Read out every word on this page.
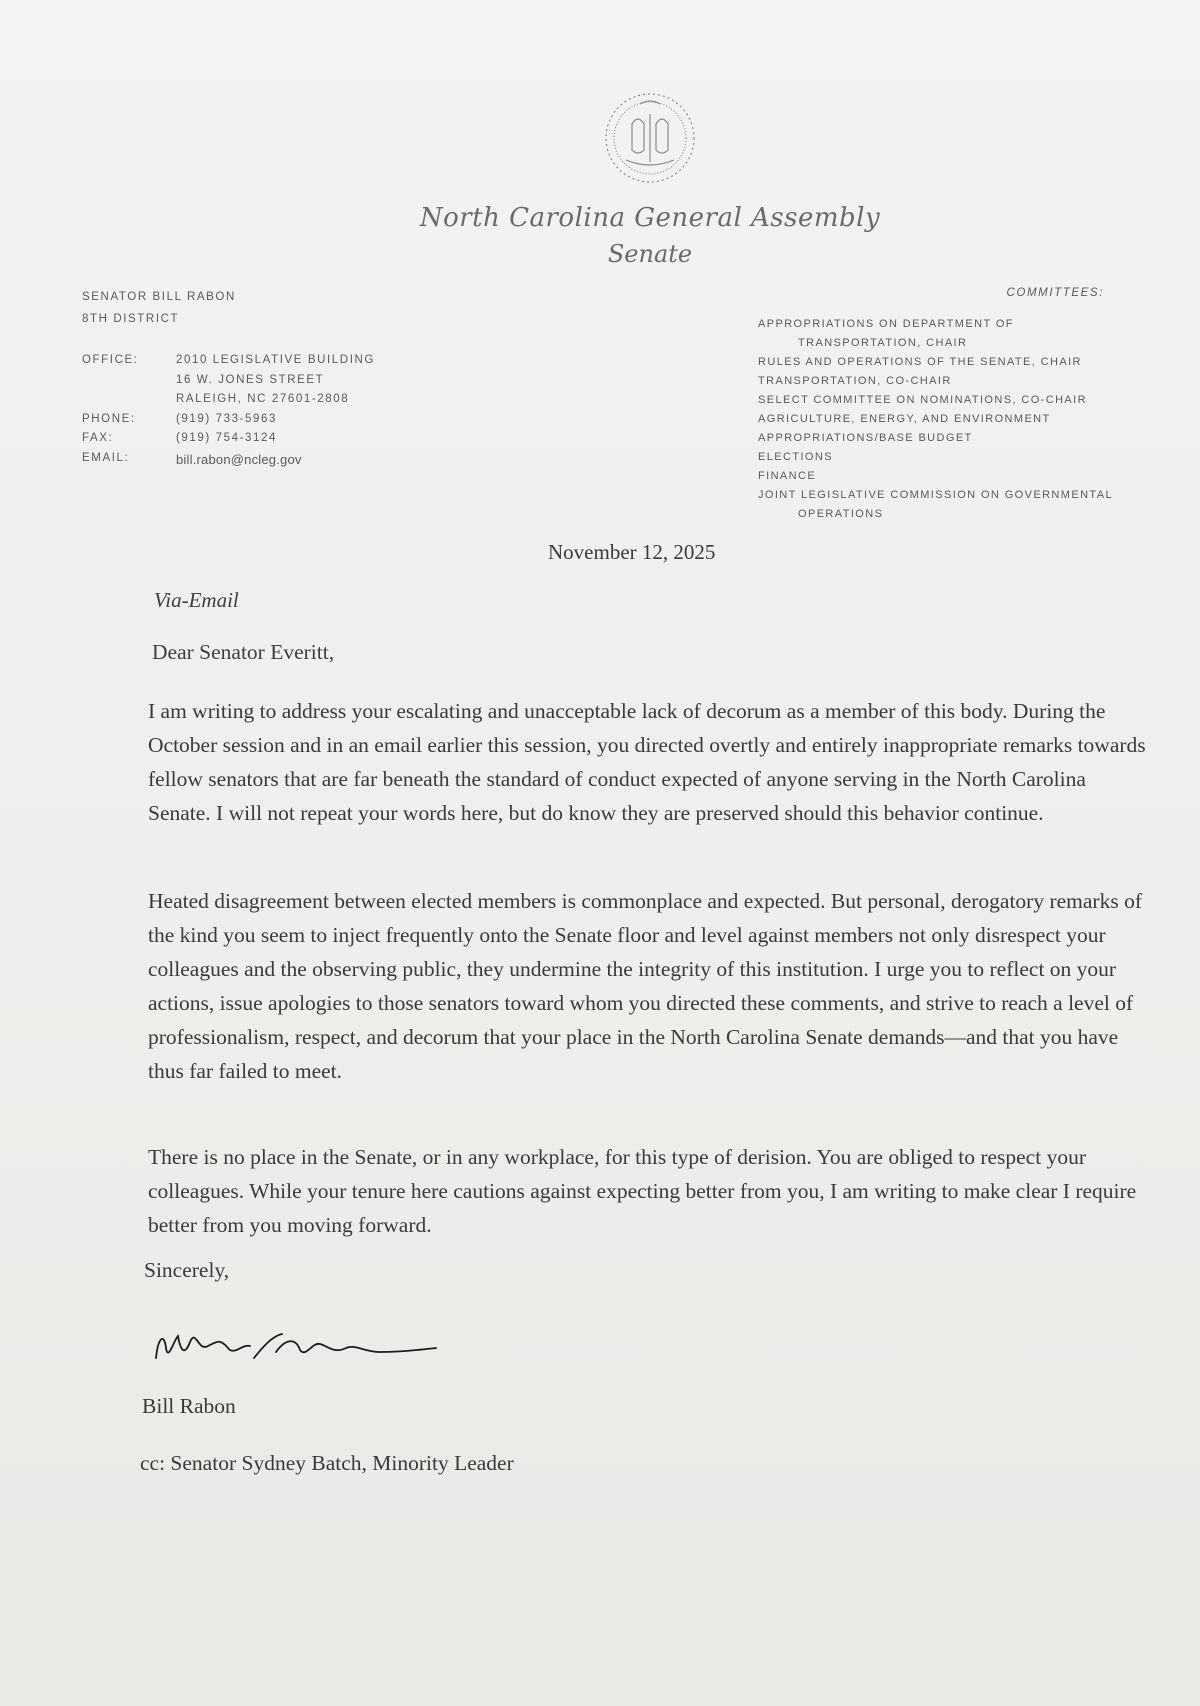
North Carolina General Assembly
Senate
SENATOR BILL RABON
8TH DISTRICT
OFFICE:	2010 LEGISLATIVE BUILDING
16 W. JONES STREET
RALEIGH, NC 27601-2808
PHONE:	(919) 733-5963
FAX:	(919) 754-3124
EMAIL:	bill.rabon@ncleg.gov
COMMITTEES:
APPROPRIATIONS ON DEPARTMENT OF
TRANSPORTATION, CHAIR
RULES AND OPERATIONS OF THE SENATE, CHAIR
TRANSPORTATION, CO-CHAIR
SELECT COMMITTEE ON NOMINATIONS, CO-CHAIR
AGRICULTURE, ENERGY, AND ENVIRONMENT
APPROPRIATIONS/BASE BUDGET
ELECTIONS
FINANCE
JOINT LEGISLATIVE COMMISSION ON GOVERNMENTAL
OPERATIONS
November 12, 2025
Via-Email
Dear Senator Everitt,

I am writing to address your escalating and unacceptable lack of decorum as a member of this body. During the October session and in an email earlier this session, you directed overtly and entirely inappropriate remarks towards fellow senators that are far beneath the standard of conduct expected of anyone serving in the North Carolina Senate. I will not repeat your words here, but do know they are preserved should this behavior continue.

Heated disagreement between elected members is commonplace and expected. But personal, derogatory remarks of the kind you seem to inject frequently onto the Senate floor and level against members not only disrespect your colleagues and the observing public, they undermine the integrity of this institution. I urge you to reflect on your actions, issue apologies to those senators toward whom you directed these comments, and strive to reach a level of professionalism, respect, and decorum that your place in the North Carolina Senate demands—and that you have thus far failed to meet.

There is no place in the Senate, or in any workplace, for this type of derision. You are obliged to respect your colleagues. While your tenure here cautions against expecting better from you, I am writing to make clear I require better from you moving forward.

Sincerely,
Bill Rabon
cc: Senator Sydney Batch, Minority Leader
